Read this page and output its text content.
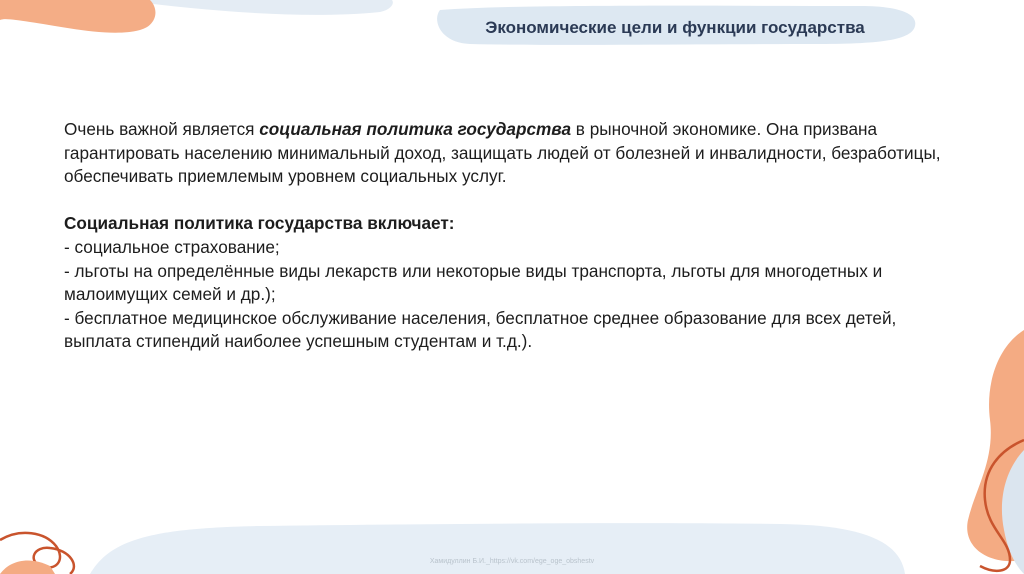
Экономические цели и функции государства

Очень важной является социальная политика государства в рыночной экономике. Она призвана гарантировать населению минимальный доход, защищать людей от болезней и инвалидности, безработицы, обеспечивать приемлемым уровнем социальных услуг.

Социальная политика государства включает:

- социальное страхование;

- льготы на определённые виды лекарств или некоторые виды транспорта, льготы для многодетных и малоимущих семей и др.);

- бесплатное медицинское обслуживание населения, бесплатное среднее образование для всех детей, выплата стипендий наиболее успешным студентам и т.д.).

Хамидуллин Б.И._https://vk.com/ege_oge_obshestv
